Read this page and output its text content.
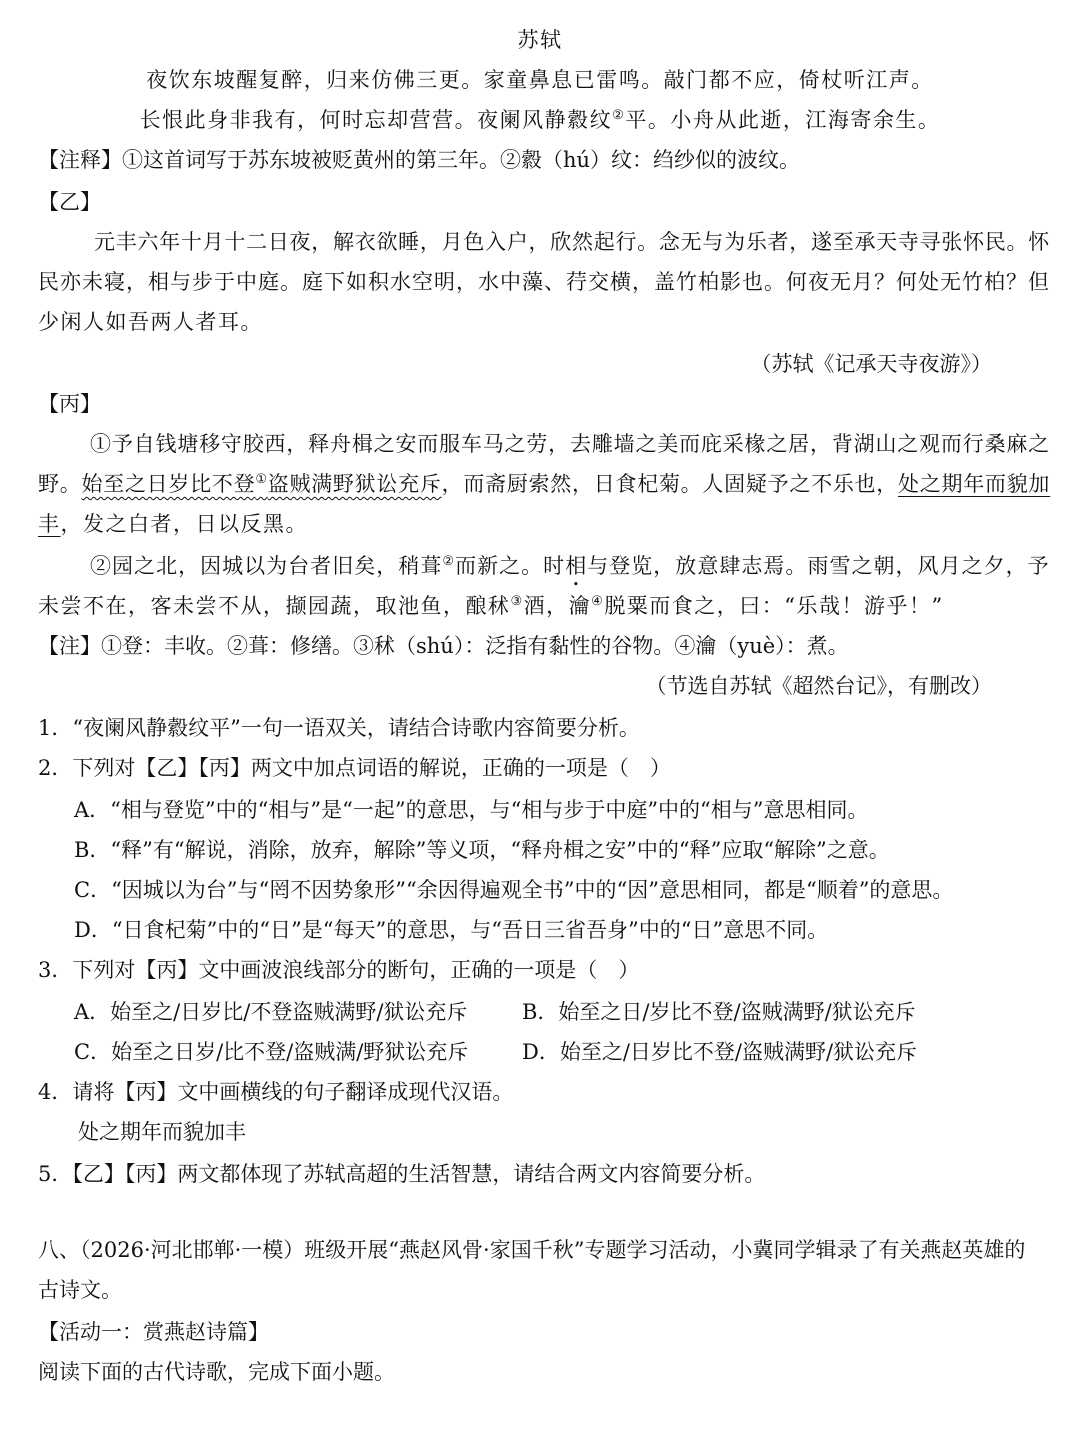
苏轼
夜饮东坡醒复醉，归来仿佛三更。家童鼻息已雷鸣。敲门都不应，倚杖听江声。
长恨此身非我有，何时忘却营营。夜阑风静縠纹②平。小舟从此逝，江海寄余生。
【注释】①这首词写于苏东坡被贬黄州的第三年。②縠（hú）纹：绉纱似的波纹。
【乙】
元丰六年十月十二日夜，解衣欲睡，月色入户，欣然起行。念无与为乐者，遂至承天寺寻张怀民。怀
民亦未寝，相与步于中庭。庭下如积水空明，水中藻、荇交横，盖竹柏影也。何夜无月？何处无竹柏？但
少闲人如吾两人者耳。
（苏轼《记承天寺夜游》）
【丙】
①予自钱塘移守胶西，释舟楫之安而服车马之劳，去雕墙之美而庇采椽之居，背湖山之观而行桑麻之
野。始至之日岁比不登①盗贼满野狱讼充斥，而斋厨索然，日食杞菊。人固疑予之不乐也，处之期年而貌加
丰，发之白者，日以反黑。
②园之北，因城以为台者旧矣，稍葺②而新之。时相与登览，放意肆志焉。雨雪之朝，风月之夕，予
未尝不在，客未尝不从，撷园蔬，取池鱼，酿秫③酒，瀹④脱粟而食之，曰：“乐哉！游乎！”
【注】①登：丰收。②葺：修缮。③秫（shú）：泛指有黏性的谷物。④瀹（yuè）：煮。
（节选自苏轼《超然台记》，有删改）
1．“夜阑风静縠纹平”一句一语双关，请结合诗歌内容简要分析。
2．下列对【乙】【丙】两文中加点词语的解说，正确的一项是（　）
A．“相与登览”中的“相与”是“一起”的意思，与“相与步于中庭”中的“相与”意思相同。
B．“释”有“解说，消除，放弃，解除”等义项，“释舟楫之安”中的“释”应取“解除”之意。
C．“因城以为台”与“罔不因势象形”“余因得遍观全书”中的“因”意思相同，都是“顺着”的意思。
D．“日食杞菊”中的“日”是“每天”的意思，与“吾日三省吾身”中的“日”意思不同。
3．下列对【丙】文中画波浪线部分的断句，正确的一项是（　）
A．始至之/日岁比/不登盗贼满野/狱讼充斥	B．始至之日/岁比不登/盗贼满野/狱讼充斥
C．始至之日岁/比不登/盗贼满/野狱讼充斥	D．始至之/日岁比不登/盗贼满野/狱讼充斥
4．请将【丙】文中画横线的句子翻译成现代汉语。
处之期年而貌加丰
5．【乙】【丙】两文都体现了苏轼高超的生活智慧，请结合两文内容简要分析。
八、（2026·河北邯郸·一模）班级开展“燕赵风骨·家国千秋”专题学习活动，小冀同学辑录了有关燕赵英雄的
古诗文。
【活动一：赏燕赵诗篇】
阅读下面的古代诗歌，完成下面小题。
